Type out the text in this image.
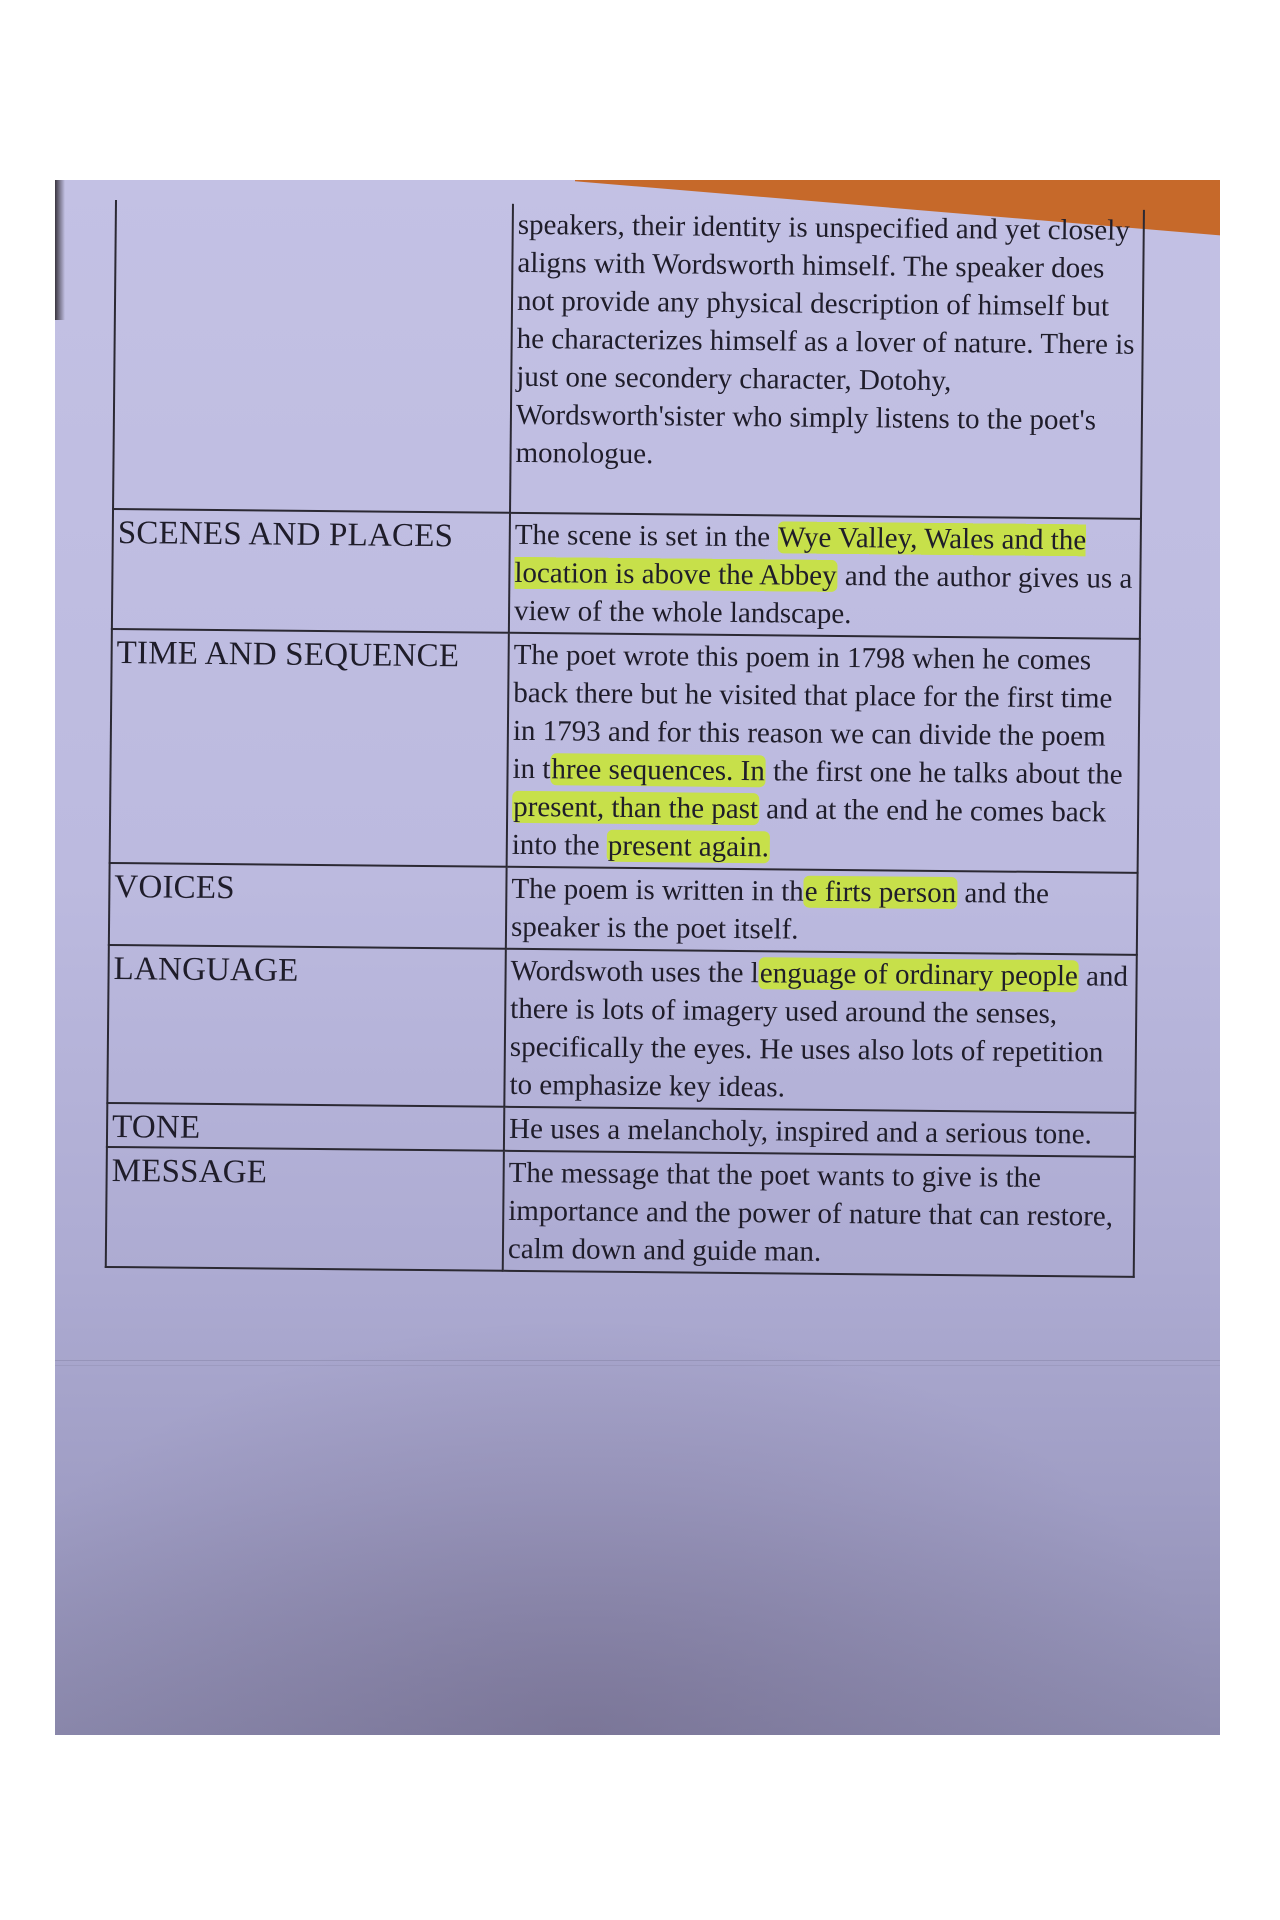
	speakers, their identity is unspecified and yet closely aligns with Wordsworth himself. The speaker does not provide any physical description of himself but he characterizes himself as a lover of nature. There is just one secondery character, Dotohy, Wordsworth'sister who simply listens to the poet's monologue.
SCENES AND PLACES	The scene is set in the Wye Valley, Wales and the location is above the Abbey and the author gives us a view of the whole landscape.
TIME AND SEQUENCE	The poet wrote this poem in 1798 when he comes back there but he visited that place for the first time in 1793 and for this reason we can divide the poem in three sequences. In the first one he talks about the present, than the past and at the end he comes back into the present again.
VOICES	The poem is written in the firts person and the speaker is the poet itself.
LANGUAGE	Wordswoth uses the lenguage of ordinary people and there is lots of imagery used around the senses, specifically the eyes. He uses also lots of repetition to emphasize key ideas.
TONE	He uses a melancholy, inspired and a serious tone.
MESSAGE	The message that the poet wants to give is the importance and the power of nature that can restore, calm down and guide man.
